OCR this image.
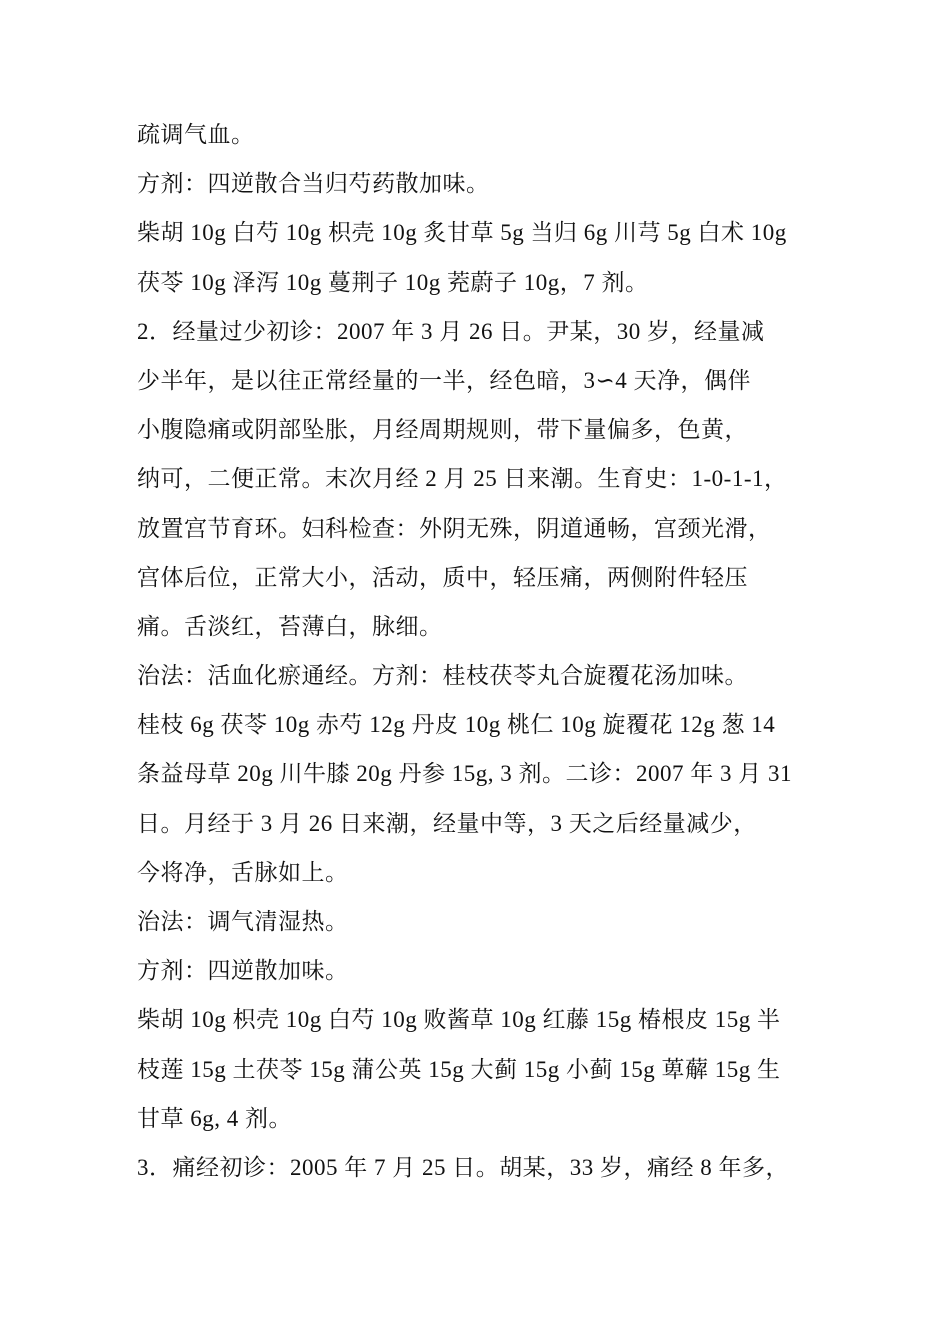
疏调气血。
方剂：四逆散合当归芍药散加味。
柴胡 10g 白芍 10g 枳壳 10g 炙甘草 5g 当归 6g 川芎 5g 白术 10g
茯苓 10g 泽泻 10g 蔓荆子 10g 茺蔚子 10g，7 剂。
2．经量过少初诊：2007 年 3 月 26 日。尹某，30 岁，经量减
少半年，是以往正常经量的一半，经色暗，3∽4 天净，偶伴
小腹隐痛或阴部坠胀，月经周期规则，带下量偏多，色黄，
纳可，二便正常。末次月经 2 月 25 日来潮。生育史：1-0-1-1，
放置宫节育环。妇科检查：外阴无殊，阴道通畅，宫颈光滑，
宫体后位，正常大小，活动，质中，轻压痛，两侧附件轻压
痛。舌淡红，苔薄白，脉细。
治法：活血化瘀通经。方剂：桂枝茯苓丸合旋覆花汤加味。
桂枝 6g 茯苓 10g 赤芍 12g 丹皮 10g 桃仁 10g 旋覆花 12g 葱 14
条益母草 20g 川牛膝 20g 丹参 15g, 3 剂。二诊：2007 年 3 月 31
日。月经于 3 月 26 日来潮，经量中等，3 天之后经量减少，
今将净，舌脉如上。
治法：调气清湿热。
方剂：四逆散加味。
柴胡 10g 枳壳 10g 白芍 10g 败酱草 10g 红藤 15g 椿根皮 15g 半
枝莲 15g 土茯苓 15g 蒲公英 15g 大蓟 15g 小蓟 15g 萆薢 15g 生
甘草 6g, 4 剂。
3．痛经初诊：2005 年 7 月 25 日。胡某，33 岁，痛经 8 年多，
